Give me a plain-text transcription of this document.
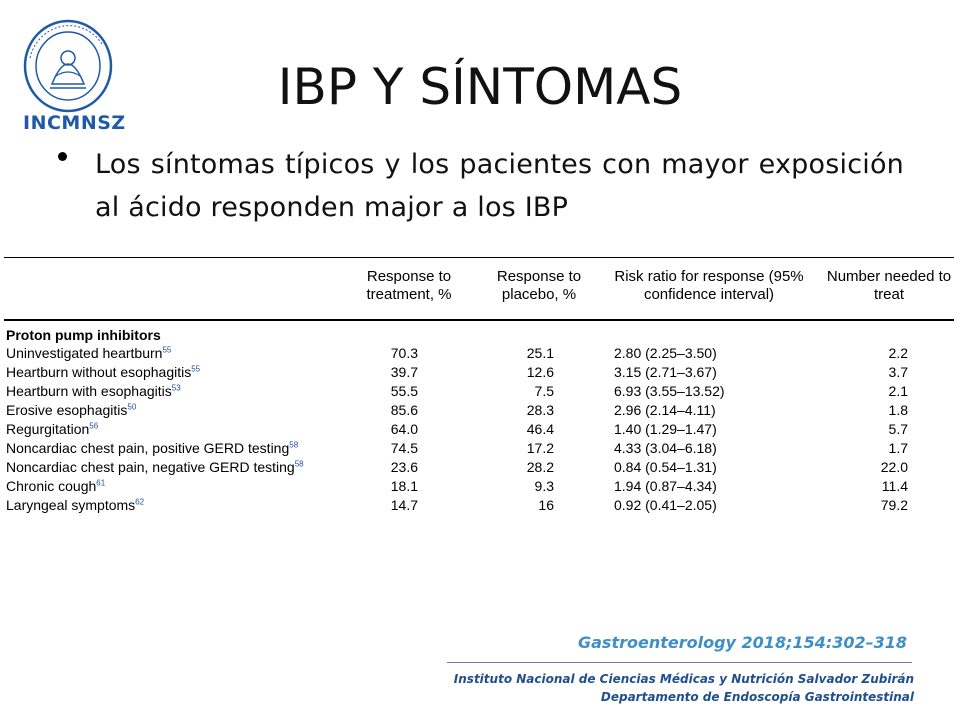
INCMNSZ
IBP Y SÍNTOMAS
Los síntomas típicos y los pacientes con mayor exposición al ácido responden major a los IBP
Response to treatment, %
Response to placebo, %
Risk ratio for response (95% confidence interval)
Number needed to treat
Proton pump inhibitors
Uninvestigated heartburn$^{55}$	70.3	25.1	2.80 (2.25–3.50)	2.2
Heartburn without esophagitis$^{55}$	39.7	12.6	3.15 (2.71–3.67)	3.7
Heartburn with esophagitis$^{53}$	55.5	7.5	6.93 (3.55–13.52)	2.1
Erosive esophagitis$^{50}$	85.6	28.3	2.96 (2.14–4.11)	1.8
Regurgitation$^{56}$	64.0	46.4	1.40 (1.29–1.47)	5.7
Noncardiac chest pain, positive GERD testing$^{58}$	74.5	17.2	4.33 (3.04–6.18)	1.7
Noncardiac chest pain, negative GERD testing$^{58}$	23.6	28.2	0.84 (0.54–1.31)	22.0
Chronic cough$^{61}$	18.1	9.3	1.94 (0.87–4.34)	11.4
Laryngeal symptoms$^{62}$	14.7	16	0.92 (0.41–2.05)	79.2
Gastroenterology 2018;154:302–318
Instituto Nacional de Ciencias Médicas y Nutrición Salvador Zubirán
Departamento de Endoscopía Gastrointestinal
